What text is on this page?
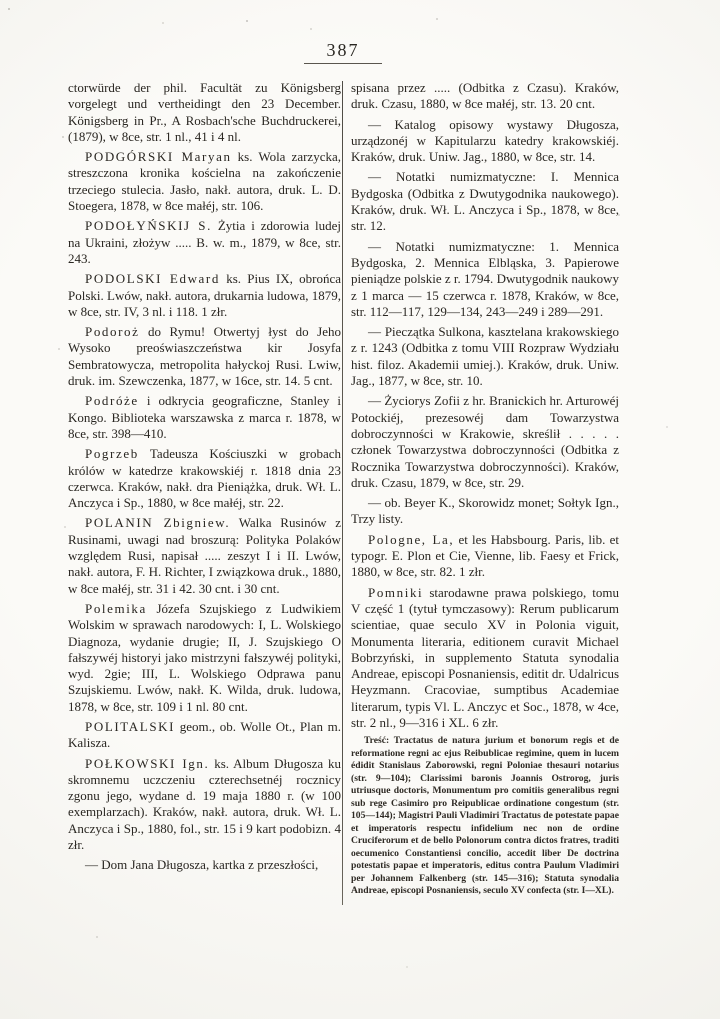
387

ctorwürde der phil. Facultät zu Königsberg vorgelegt und vertheidingt den 23 December. Königsberg in Pr., A Rosbach'sche Buchdruckerei, (1879), w 8ce, str. 1 nl., 41 i 4 nl.

PODGÓRSKI Maryan ks. Wola zarzycka, streszczona kronika kościelna na zakończenie trzeciego stulecia. Jasło, nakł. autora, druk. L. D. Stoegera, 1878, w 8ce małéj, str. 106.

PODOŁYŃSKIJ S. Żytia i zdorowia ludej na Ukraini, złożyw ..... B. w. m., 1879, w 8ce, str. 243.

PODOLSKI Edward ks. Pius IX, obrońca Polski. Lwów, nakł. autora, drukarnia ludowa, 1879, w 8ce, str. IV, 3 nl. i 118. 1 złr.

Podoroż do Rymu! Otwertyj łyst do Jeho Wysoko preoświaszczeństwa kir Josyfa Sembratowycza, metropolita hałyckoj Rusi. Lwiw, druk. im. Szewczenka, 1877, w 16ce, str. 14. 5 cnt.

Podróże i odkrycia geograficzne, Stanley i Kongo. Biblioteka warszawska z marca r. 1878, w 8ce, str. 398—410.

Pogrzeb Tadeusza Kościuszki w grobach królów w katedrze krakowskiéj r. 1818 dnia 23 czerwca. Kraków, nakł. dra Pieniążka, druk. Wł. L. Anczyca i Sp., 1880, w 8ce małéj, str. 22.

POLANIN Zbigniew. Walka Rusinów z Rusinami, uwagi nad broszurą: Polityka Polaków względem Rusi, napisał ..... zeszyt I i II. Lwów, nakł. autora, F. H. Richter, I związkowa druk., 1880, w 8ce małéj, str. 31 i 42. 30 cnt. i 30 cnt.

Polemika Józefa Szujskiego z Ludwikiem Wolskim w sprawach narodowych: I, L. Wolskiego Diagnoza, wydanie drugie; II, J. Szujskiego O fałszywéj historyi jako mistrzyni fałszywéj polityki, wyd. 2gie; III, L. Wolskiego Odprawa panu Szujskiemu. Lwów, nakł. K. Wilda, druk. ludowa, 1878, w 8ce, str. 109 i 1 nl. 80 cnt.

POLITALSKI geom., ob. Wolle Ot., Plan m. Kalisza.

POŁKOWSKI Ign. ks. Album Długosza ku skromnemu uczczeniu czterechsetnéj rocznicy zgonu jego, wydane d. 19 maja 1880 r. (w 100 exemplarzach). Kraków, nakł. autora, druk. Wł. L. Anczyca i Sp., 1880, fol., str. 15 i 9 kart podobizn. 4 złr.

— Dom Jana Długosza, kartka z przeszłości,

spisana przez ..... (Odbitka z Czasu). Kraków, druk. Czasu, 1880, w 8ce małéj, str. 13. 20 cnt.

— Katalog opisowy wystawy Długosza, urządzonéj w Kapitularzu katedry krakowskiéj. Kraków, druk. Uniw. Jag., 1880, w 8ce, str. 14.

— Notatki numizmatyczne: I. Mennica Bydgoska (Odbitka z Dwutygodnika naukowego). Kraków, druk. Wł. L. Anczyca i Sp., 1878, w 8ce, str. 12.

— Notatki numizmatyczne: 1. Mennica Bydgoska, 2. Mennica Elbląska, 3. Papierowe pieniądze polskie z r. 1794. Dwutygodnik naukowy z 1 marca — 15 czerwca r. 1878, Kraków, w 8ce, str. 112—117, 129—134, 243—249 i 289—291.

— Pieczątka Sulkona, kasztelana krakowskiego z r. 1243 (Odbitka z tomu VIII Rozpraw Wydziału hist. filoz. Akademii umiej.). Kraków, druk. Uniw. Jag., 1877, w 8ce, str. 10.

— Życiorys Zofii z hr. Branickich hr. Arturowéj Potockiéj, prezesowéj dam Towarzystwa dobroczynności w Krakowie, skreślił . . . . . członek Towarzystwa dobroczynności (Odbitka z Rocznika Towarzystwa dobroczynności). Kraków, druk. Czasu, 1879, w 8ce, str. 29.

— ob. Beyer K., Skorowidz monet; Sołtyk Ign., Trzy listy.

Pologne, La, et les Habsbourg. Paris, lib. et typogr. E. Plon et Cie, Vienne, lib. Faesy et Frick, 1880, w 8ce, str. 82. 1 złr.

Pomniki starodawne prawa polskiego, tomu V część 1 (tytuł tymczasowy): Rerum publicarum scientiae, quae seculo XV in Polonia viguit, Monumenta literaria, editionem curavit Michael Bobrzyński, in supplemento Statuta synodalia Andreae, episcopi Posnaniensis, editit dr. Udalricus Heyzmann. Cracoviae, sumptibus Academiae literarum, typis Vl. L. Anczyc et Soc., 1878, w 4ce, str. 2 nl., 9—316 i XL. 6 złr.

Treść: Tractatus de natura jurium et bonorum regis et de reformatione regni ac ejus Reibublicae regimine, quem in lucem édidit Stanislaus Zaborowski, regni Poloniae thesauri notarius (str. 9—104); Clarissimi baronis Joannis Ostrorog, juris utriusque doctoris, Monumentum pro comitiis generalibus regni sub rege Casimiro pro Reipublicae ordinatione congestum (str. 105—144); Magistri Pauli Vladimiri Tractatus de potestate papae et imperatoris respectu infidelium nec non de ordine Cruciferorum et de bello Polonorum contra dictos fratres, traditi oecumenico Constantiensi concilio, accedit liber De doctrina potestatis papae et imperatoris, editus contra Paulum Vladimiri per Johannem Falkenberg (str. 145—316); Statuta synodalia Andreae, episcopi Posnaniensis, seculo XV confecta (str. I—XL).
